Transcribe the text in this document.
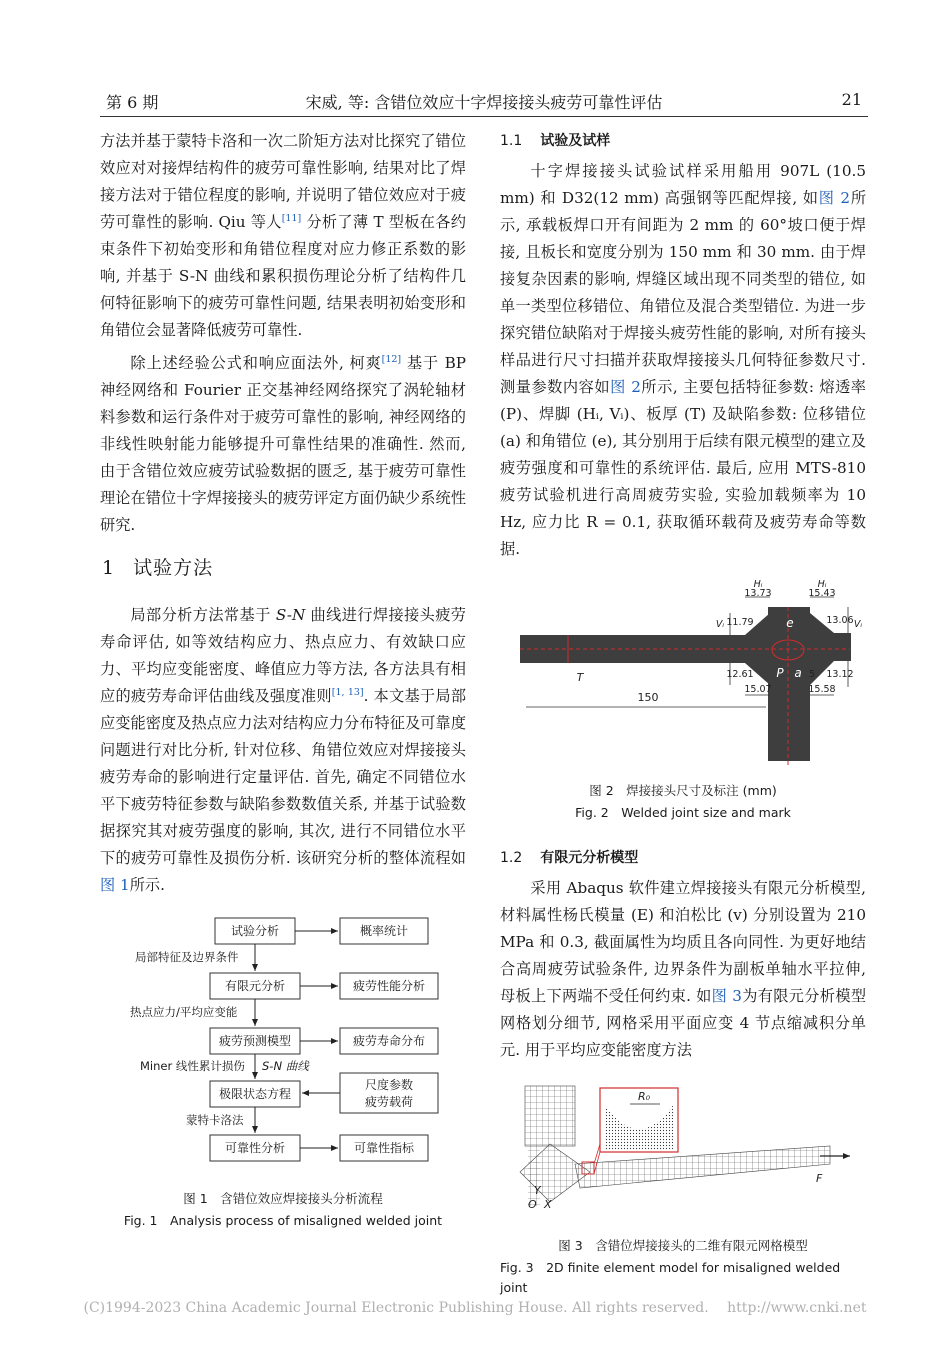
第 6 期	宋威, 等: 含错位效应十字焊接接头疲劳可靠性评估	21

方法并基于蒙特卡洛和一次二阶矩方法对比探究了错位效应对对接焊结构件的疲劳可靠性影响, 结果对比了焊接方法对于错位程度的影响, 并说明了错位效应对于疲劳可靠性的影响. Qiu 等人[11] 分析了薄 T 型板在各约束条件下初始变形和角错位程度对应力修正系数的影响, 并基于 S-N 曲线和累积损伤理论分析了结构件几何特征影响下的疲劳可靠性问题, 结果表明初始变形和角错位会显著降低疲劳可靠性.

除上述经验公式和响应面法外, 柯爽[12] 基于 BP 神经网络和 Fourier 正交基神经网络探究了涡轮轴材料参数和运行条件对于疲劳可靠性的影响, 神经网络的非线性映射能力能够提升可靠性结果的准确性. 然而, 由于含错位效应疲劳试验数据的匮乏, 基于疲劳可靠性理论在错位十字焊接接头的疲劳评定方面仍缺少系统性研究.

1 试验方法

局部分析方法常基于 S-N 曲线进行焊接接头疲劳寿命评估, 如等效结构应力、热点应力、有效缺口应力、平均应变能密度、峰值应力等方法, 各方法具有相应的疲劳寿命评估曲线及强度准则[1, 13]. 本文基于局部应变能密度及热点应力法对结构应力分布特征及可靠度问题进行对比分析, 针对位移、角错位效应对焊接接头疲劳寿命的影响进行定量评估. 首先, 确定不同错位水平下疲劳特征参数与缺陷参数数值关系, 并基于试验数据探究其对疲劳强度的影响, 其次, 进行不同错位水平下的疲劳可靠性及损伤分析. 该研究分析的整体流程如图 1所示.

试验分析	概率统计
有限元分析	疲劳性能分析
疲劳预测模型	疲劳寿命分布
极限状态方程
尺度参数
疲劳载荷
可靠性分析	可靠性指标
局部特征及边界条件
热点应力/平均应变能
Miner 线性累计损伤 S-N 曲线
蒙特卡洛法
图 1　含错位效应焊接接头分析流程
Fig. 1　Analysis process of misaligned welded joint
1.1 试验及试样

十字焊接接头试验试样采用船用 907L (10.5 mm) 和 D32(12 mm) 高强钢等匹配焊接, 如图 2所示, 承载板焊口开有间距为 2 mm 的 60°坡口便于焊接, 且板长和宽度分别为 150 mm 和 30 mm. 由于焊接复杂因素的影响, 焊缝区域出现不同类型的错位, 如单一类型位移错位、角错位及混合类型错位. 为进一步探究错位缺陷对于焊接头疲劳性能的影响, 对所有接头样品进行尺寸扫描并获取焊接接头几何特征参数尺寸. 测量参数内容如图 2所示, 主要包括特征参数: 熔透率 (P)、焊脚 (Hᵢ, Vᵢ)、板厚 (T) 及缺陷参数: 位移错位 (a) 和角错位 (e), 其分别用于后续有限元模型的建立及疲劳强度和可靠性的系统评估. 最后, 应用 MTS-810 疲劳试验机进行高周疲劳实验, 实验加载频率为 10 Hz, 应力比 R = 0.1, 获取循环载荷及疲劳寿命等数据.

Hᵢ	Hᵢ
13.73	15.43
Vᵢ	Vᵢ
11.79	13.06
e
T	P a
12.61	5 13.12
15.07	15.58
150
图 2　焊接接头尺寸及标注 (mm)
Fig. 2　Welded joint size and mark
1.2 有限元分析模型

采用 Abaqus 软件建立焊接接头有限元分析模型, 材料属性杨氏模量 (E) 和泊松比 (v) 分别设置为 210 MPa 和 0.3, 截面属性为均质且各向同性. 为更好地结合高周疲劳试验条件, 边界条件为副板单轴水平拉伸, 母板上下两端不受任何约束. 如图 3为有限元分析模型网格划分细节, 网格采用平面应变 4 节点缩减积分单元. 用于平均应变能密度方法

R₀
F
Y
O X
图 3　含错位焊接接头的二维有限元网格模型
Fig. 3　2D finite element model for misaligned welded joint
(C)1994-2023 China Academic Journal Electronic Publishing House. All rights reserved.　 http://www.cnki.net
